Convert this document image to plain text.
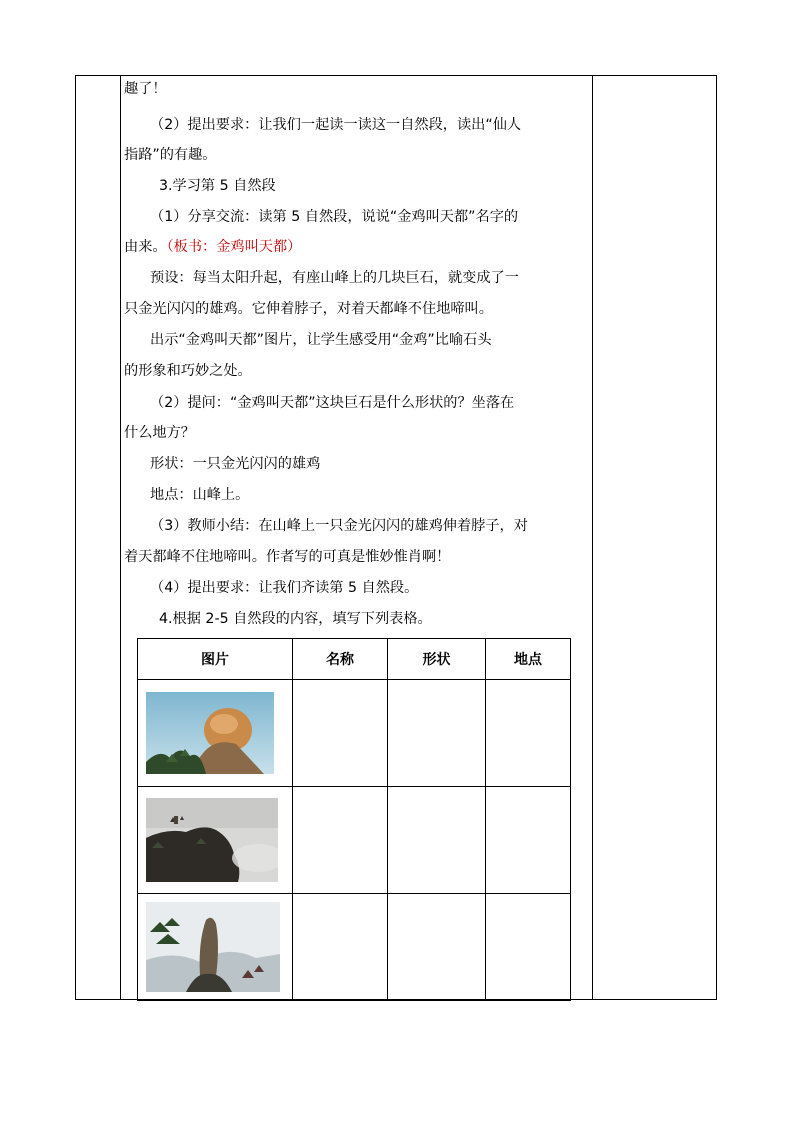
趣了！
（2）提出要求：让我们一起读一读这一自然段，读出“仙人
指路”的有趣。
3.学习第 5 自然段
（1）分享交流：读第 5 自然段，说说“金鸡叫天都”名字的
由来。（板书：金鸡叫天都）
预设：每当太阳升起，有座山峰上的几块巨石，就变成了一
只金光闪闪的雄鸡。它伸着脖子，对着天都峰不住地啼叫。
出示“金鸡叫天都”图片，让学生感受用“金鸡”比喻石头
的形象和巧妙之处。
（2）提问：“金鸡叫天都”这块巨石是什么形状的？坐落在
什么地方？
形状：一只金光闪闪的雄鸡
地点：山峰上。
（3）教师小结：在山峰上一只金光闪闪的雄鸡伸着脖子，对
着天都峰不住地啼叫。作者写的可真是惟妙惟肖啊！
（4）提出要求：让我们齐读第 5 自然段。
4.根据 2-5 自然段的内容，填写下列表格。
图片	名称	形状	地点
